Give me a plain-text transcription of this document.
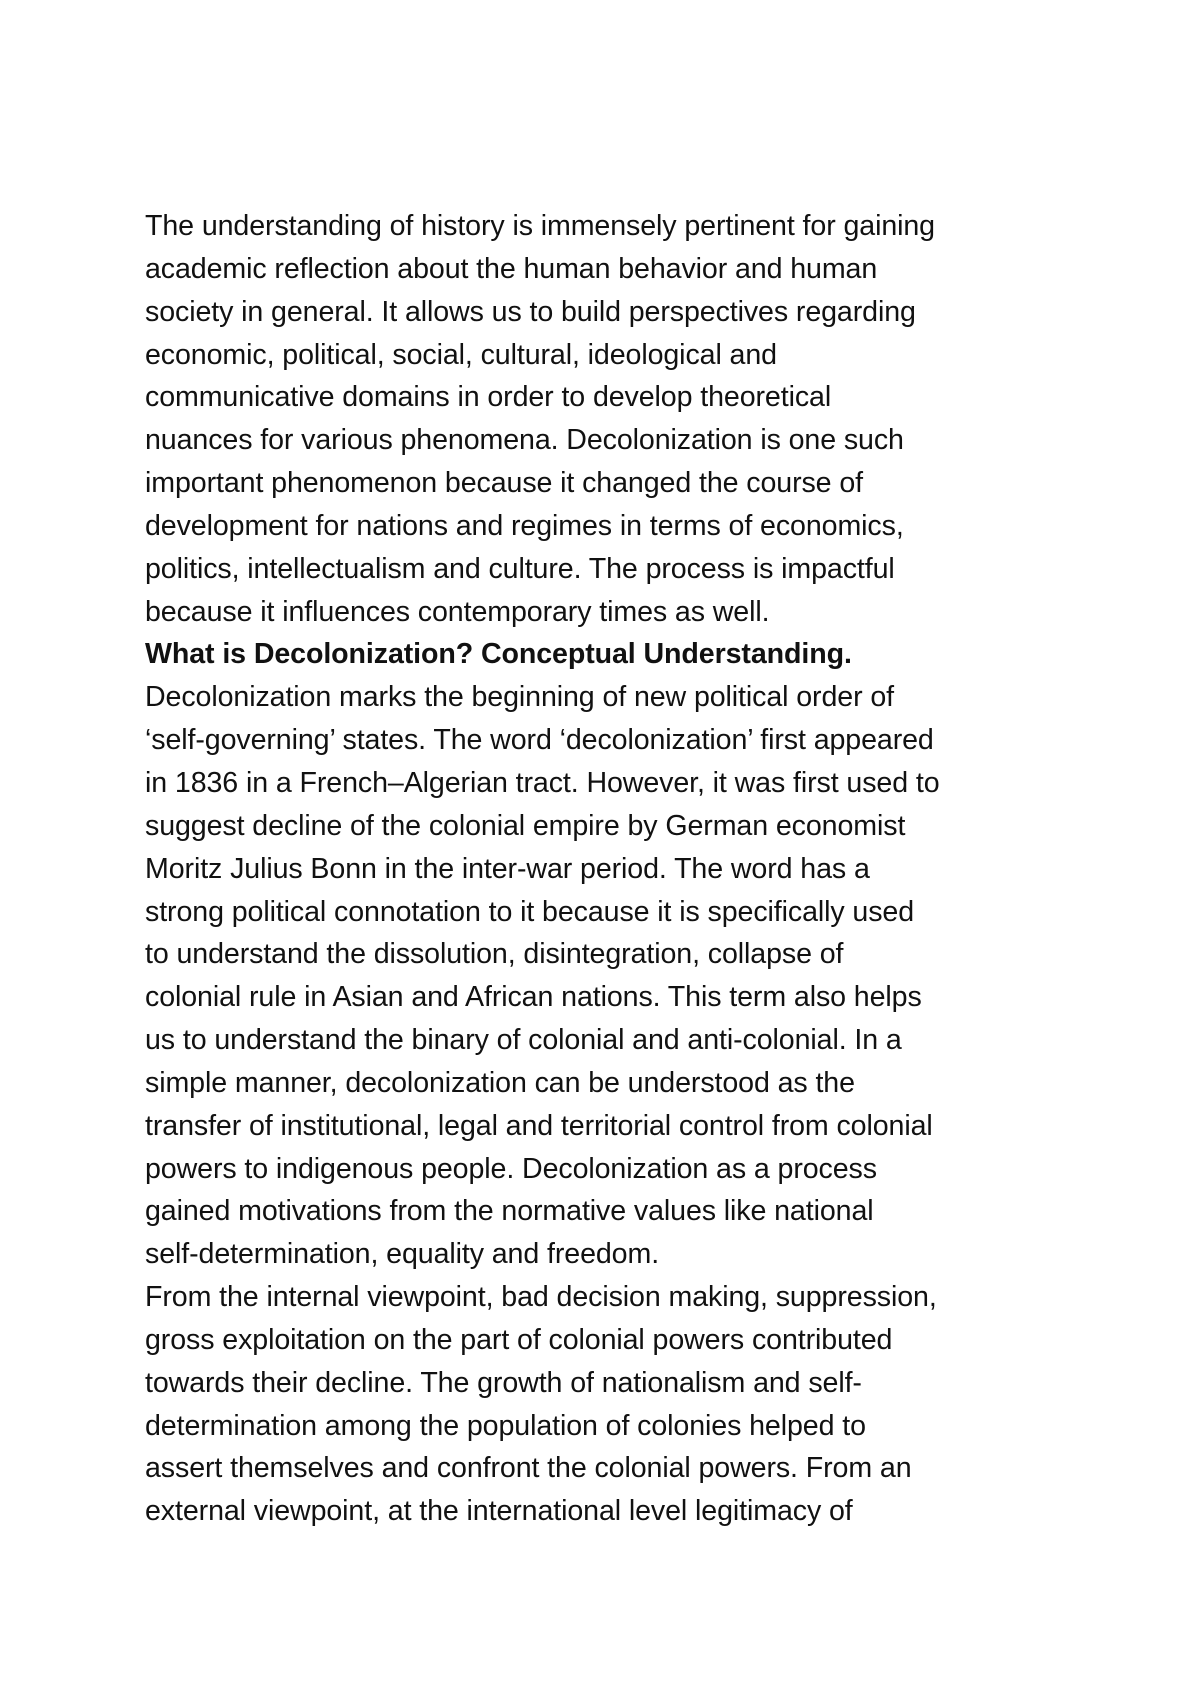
The understanding of history is immensely pertinent for gaining
academic reflection about the human behavior and human
society in general. It allows us to build perspectives regarding
economic, political, social, cultural, ideological and
communicative domains in order to develop theoretical
nuances for various phenomena. Decolonization is one such
important phenomenon because it changed the course of
development for nations and regimes in terms of economics,
politics, intellectualism and culture. The process is impactful
because it influences contemporary times as well.
What is Decolonization? Conceptual Understanding.
Decolonization marks the beginning of new political order of
‘self-governing’ states. The word ‘decolonization’ first appeared
in 1836 in a French–Algerian tract. However, it was first used to
suggest decline of the colonial empire by German economist
Moritz Julius Bonn in the inter-war period. The word has a
strong political connotation to it because it is specifically used
to understand the dissolution, disintegration, collapse of
colonial rule in Asian and African nations. This term also helps
us to understand the binary of colonial and anti-colonial. In a
simple manner, decolonization can be understood as the
transfer of institutional, legal and territorial control from colonial
powers to indigenous people. Decolonization as a process
gained motivations from the normative values like national
self-determination, equality and freedom.
From the internal viewpoint, bad decision making, suppression,
gross exploitation on the part of colonial powers contributed
towards their decline. The growth of nationalism and self-
determination among the population of colonies helped to
assert themselves and confront the colonial powers. From an
external viewpoint, at the international level legitimacy of
